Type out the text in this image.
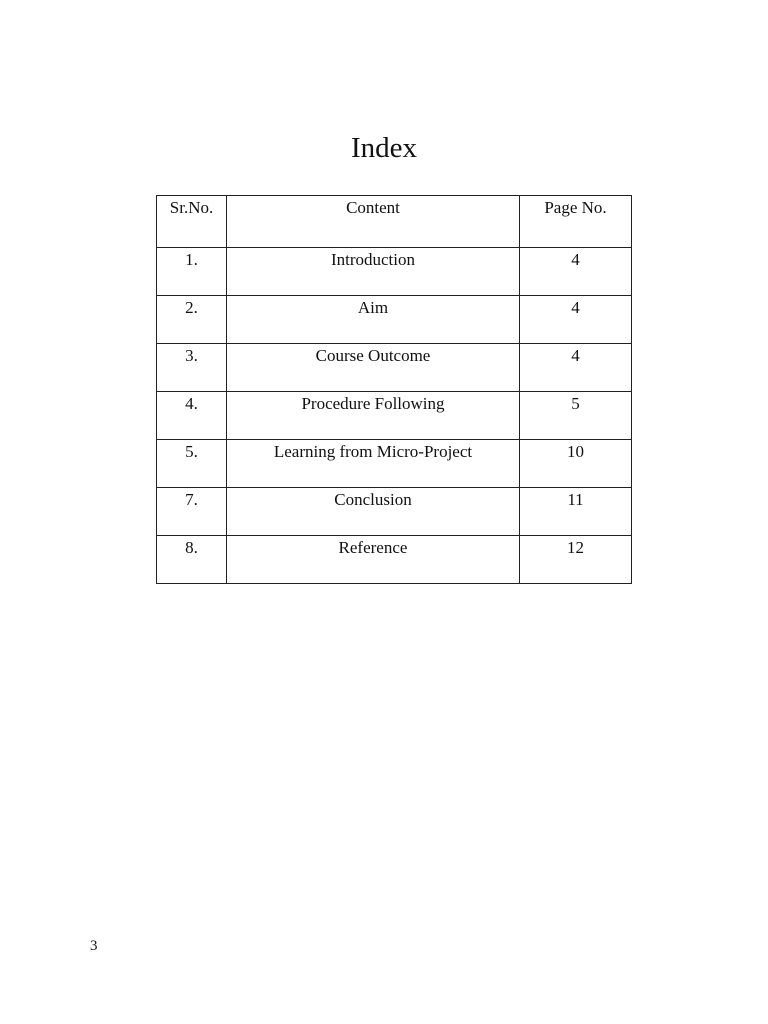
Index
Sr.No.	Content	Page No.
1.	Introduction	4
2.	Aim	4
3.	Course Outcome	4
4.	Procedure Following	5
5.	Learning from Micro-Project	10
7.	Conclusion	11
8.	Reference	12
3
